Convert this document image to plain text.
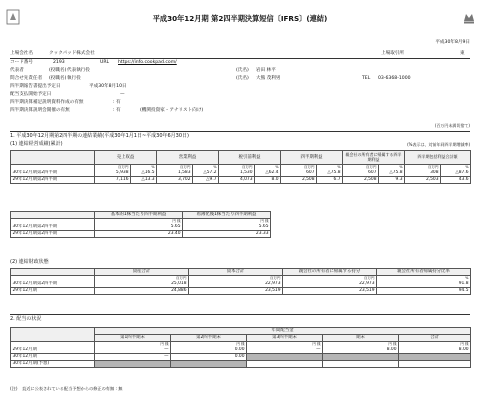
平成30年12月期 第2四半期決算短信〔IFRS〕(連結)
平成30年8月9日
上場会社名	クックパッド株式会社	上場取引所	東
コード番号	2193	URL https://info.cookpad.com/
代表者	(役職名) 代表執行役	(氏名) 岩田 林平
問合せ先責任者 (役職名) 執行役	(氏名) 大熊 茂利男	TEL 03-6368-1000
四半期報告書提出予定日	平成30年8月10日
配当支払開始予定日	—
四半期決算補足説明資料作成の有無	: 有
四半期決算説明会開催の有無	: 有	(機関投資家・アナリスト向け)
(百万円未満切捨て)
1. 平成30年12月期第2四半期の連結業績(平成30年1月1日~平成30年6月30日)
(1) 連結経営成績(累計)	(%表示は、対前年同四半期増減率)
	売上収益		営業利益		税引前利益		四半期利益		親会社の所有者に帰属する四半期利益		四半期包括利益合計額	
	百万円	%	百万円	%	百万円	%	百万円	%	百万円	%	百万円	%
30年12月期第2四半期	5,938	△16.5	1,583	△57.2	1,530	△62.4	607	△75.8	607	△75.8	308	△87.6
29年12月期第2四半期	7,116	△13.3	3,702	△9.7	4,073	8.0	2,508	6.7	2,508	9.3	2,503	43.6
	基本的1株当たり四半期利益	希薄化後1株当たり四半期利益
	円 銭	円 銭
30年12月期第2四半期	5.65	5.65
29年12月期第2四半期	23.40	23.33
(2) 連結財政状態
	資産合計	資本合計	親会社の所有者に帰属する持分	親会社所有者帰属持分比率
	百万円	百万円	百万円	%
30年12月期第2四半期	25,018	22,973	22,973	91.8
29年12月期	24,886	23,519	23,519	94.5
2. 配当の状況
	年間配当金				
	第1四半期末	第2四半期末	第3四半期末	期末	合計
	円 銭	円 銭	円 銭	円 銭	円 銭
29年12月期	—	0.00	—	8.00	8.00
30年12月期	—	0.00			
30年12月期(予想)					
(注) 直近に公表されている配当予想からの修正の有無 : 無
